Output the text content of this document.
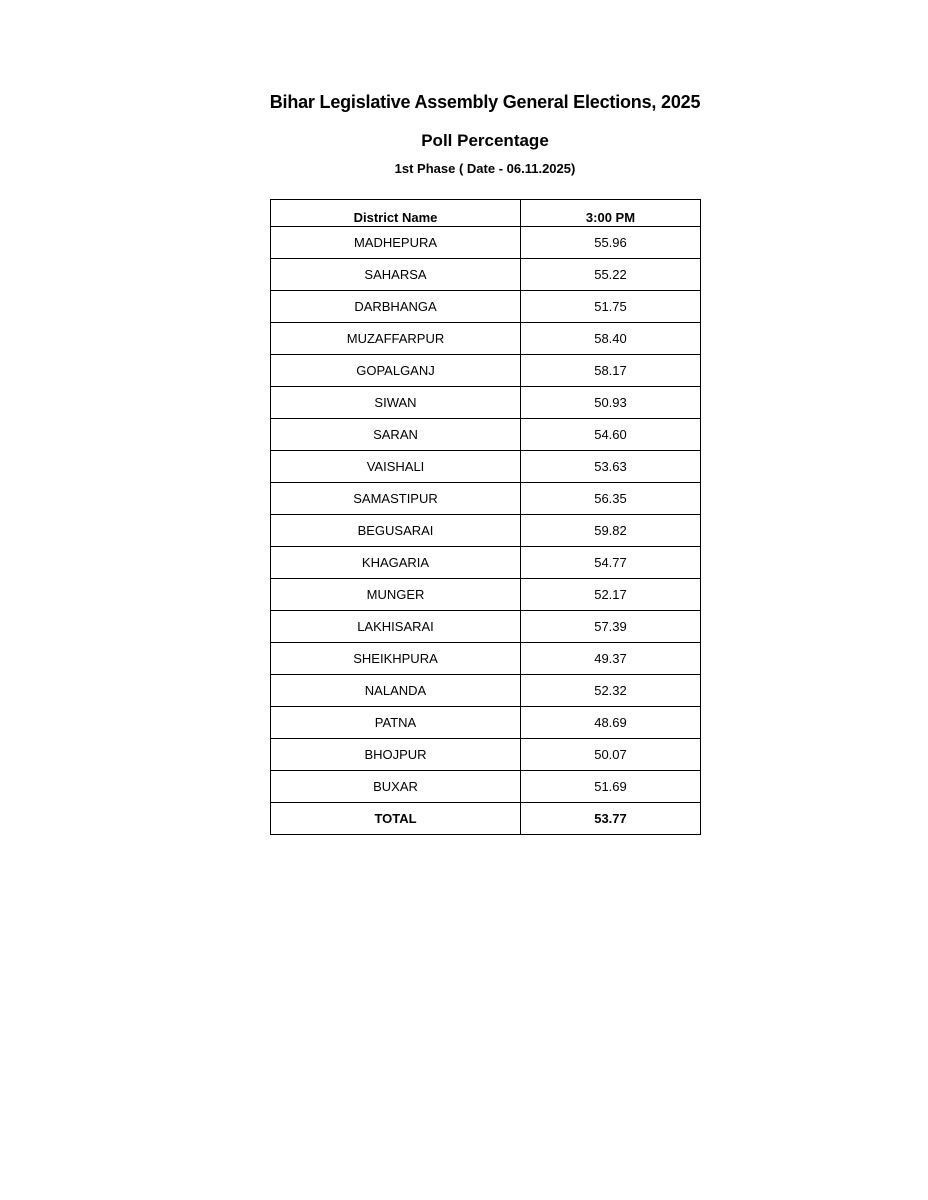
Bihar Legislative Assembly General Elections, 2025
Poll Percentage
1st Phase ( Date - 06.11.2025)
District Name	3:00 PM
MADHEPURA	55.96
SAHARSA	55.22
DARBHANGA	51.75
MUZAFFARPUR	58.40
GOPALGANJ	58.17
SIWAN	50.93
SARAN	54.60
VAISHALI	53.63
SAMASTIPUR	56.35
BEGUSARAI	59.82
KHAGARIA	54.77
MUNGER	52.17
LAKHISARAI	57.39
SHEIKHPURA	49.37
NALANDA	52.32
PATNA	48.69
BHOJPUR	50.07
BUXAR	51.69
TOTAL	53.77
